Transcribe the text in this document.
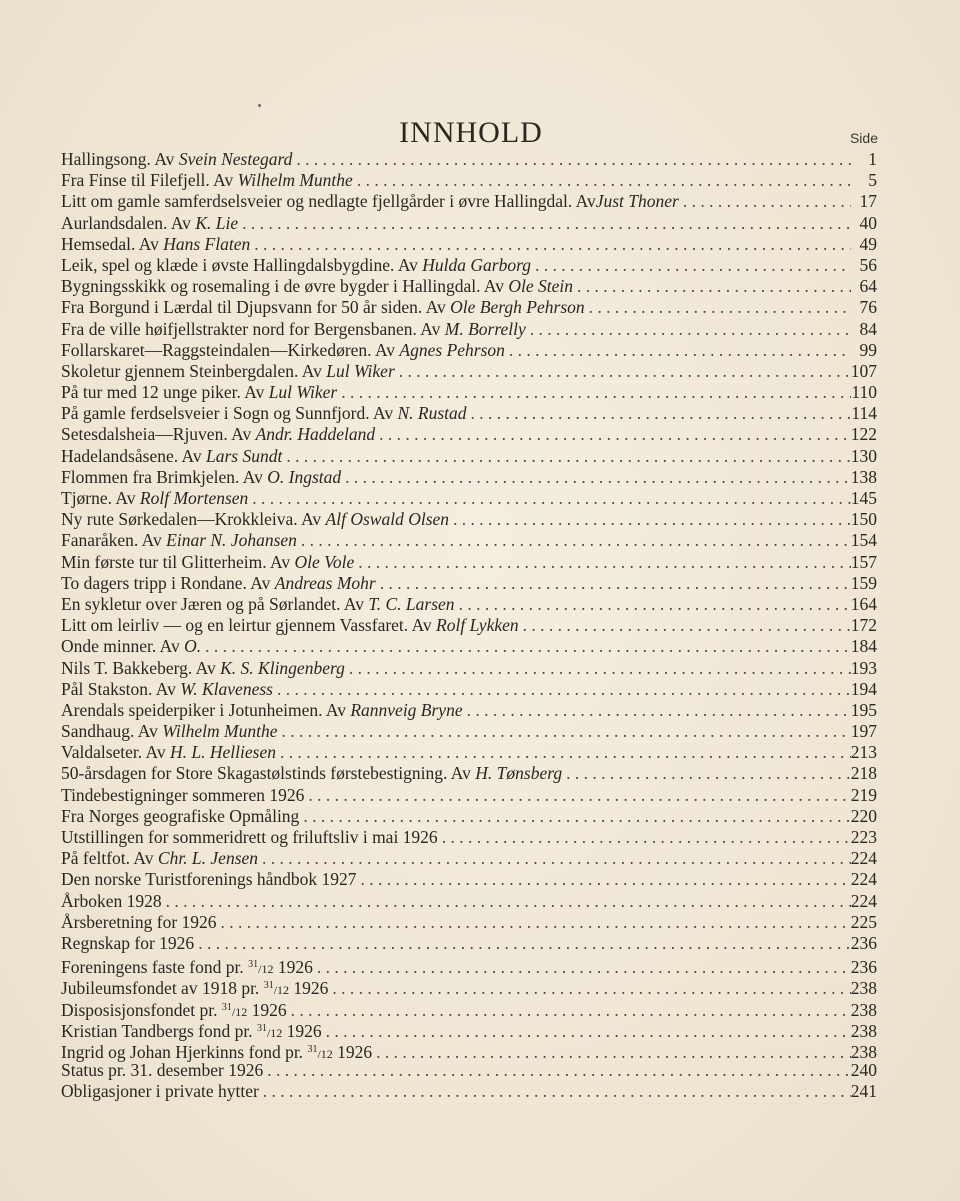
INNHOLD	Side
Hallingsong. Av Svein Nestegard . . .	1
Fra Finse til Filefjell. Av Wilhelm Munthe . . .	5
Litt om gamle samferdselsveier og nedlagte fjellgårder i øvre Hallingdal. AvJust Thoner . . .	17
Aurlandsdalen. Av K. Lie . . .	40
Hemsedal. Av Hans Flaten . . .	49
Leik, spel og klæde i øvste Hallingdalsbygdine. Av Hulda Garborg . . .	56
Bygningsskikk og rosemaling i de øvre bygder i Hallingdal. Av Ole Stein . . .	64
Fra Borgund i Lærdal til Djupsvann for 50 år siden. Av Ole Bergh Pehrson . . .	76
Fra de ville høifjellstrakter nord for Bergensbanen. Av M. Borrelly . . .	84
Follarskaret—Raggsteindalen—Kirkedøren. Av Agnes Pehrson . . .	99
Skoletur gjennem Steinbergdalen. Av Lul Wiker . . .	107
På tur med 12 unge piker. Av Lul Wiker . . .	110
På gamle ferdselsveier i Sogn og Sunnfjord. Av N. Rustad . . .	114
Setesdalsheia—Rjuven. Av Andr. Haddeland . . .	122
Hadelandsåsene. Av Lars Sundt . . .	130
Flommen fra Brimkjelen. Av O. Ingstad . . .	138
Tjørne. Av Rolf Mortensen . . .	145
Ny rute Sørkedalen—Krokkleiva. Av Alf Oswald Olsen . . .	150
Fanaråken. Av Einar N. Johansen . . .	154
Min første tur til Glitterheim. Av Ole Vole . . .	157
To dagers tripp i Rondane. Av Andreas Mohr . . .	159
En sykletur over Jæren og på Sørlandet. Av T. C. Larsen . . .	164
Litt om leirliv — og en leirtur gjennem Vassfaret. Av Rolf Lykken . . .	172
Onde minner. Av O. . . .	184
Nils T. Bakkeberg. Av K. S. Klingenberg . . .	193
Pål Stakston. Av W. Klaveness . . .	194
Arendals speiderpiker i Jotunheimen. Av Rannveig Bryne . . .	195
Sandhaug. Av Wilhelm Munthe . . .	197
Valdalseter. Av H. L. Helliesen . . .	213
50-årsdagen for Store Skagastølstinds førstebestigning. Av H. Tønsberg . . .	218
Tindebestigninger sommeren 1926 . . .	219
Fra Norges geografiske Opmåling . . .	220
Utstillingen for sommeridrett og friluftsliv i mai 1926 . . .	223
På feltfot. Av Chr. L. Jensen . . .	224
Den norske Turistforenings håndbok 1927 . . .	224
Årboken 1928 . . .	224
Årsberetning for 1926 . . .	225
Regnskap for 1926 . . .	236
Foreningens faste fond pr. $^{31}$/12 1926 . . .	236
Jubileumsfondet av 1918 pr. $^{31}$/12 1926 . . .	238
Disposisjonsfondet pr. $^{31}$/12 1926 . . .	238
Kristian Tandbergs fond pr. $^{31}$/12 1926 . . .	238
Ingrid og Johan Hjerkinns fond pr. $^{31}$/12 1926 . . .	238
Status pr. 31. desember 1926 . . .	240
Obligasjoner i private hytter . . .	241
